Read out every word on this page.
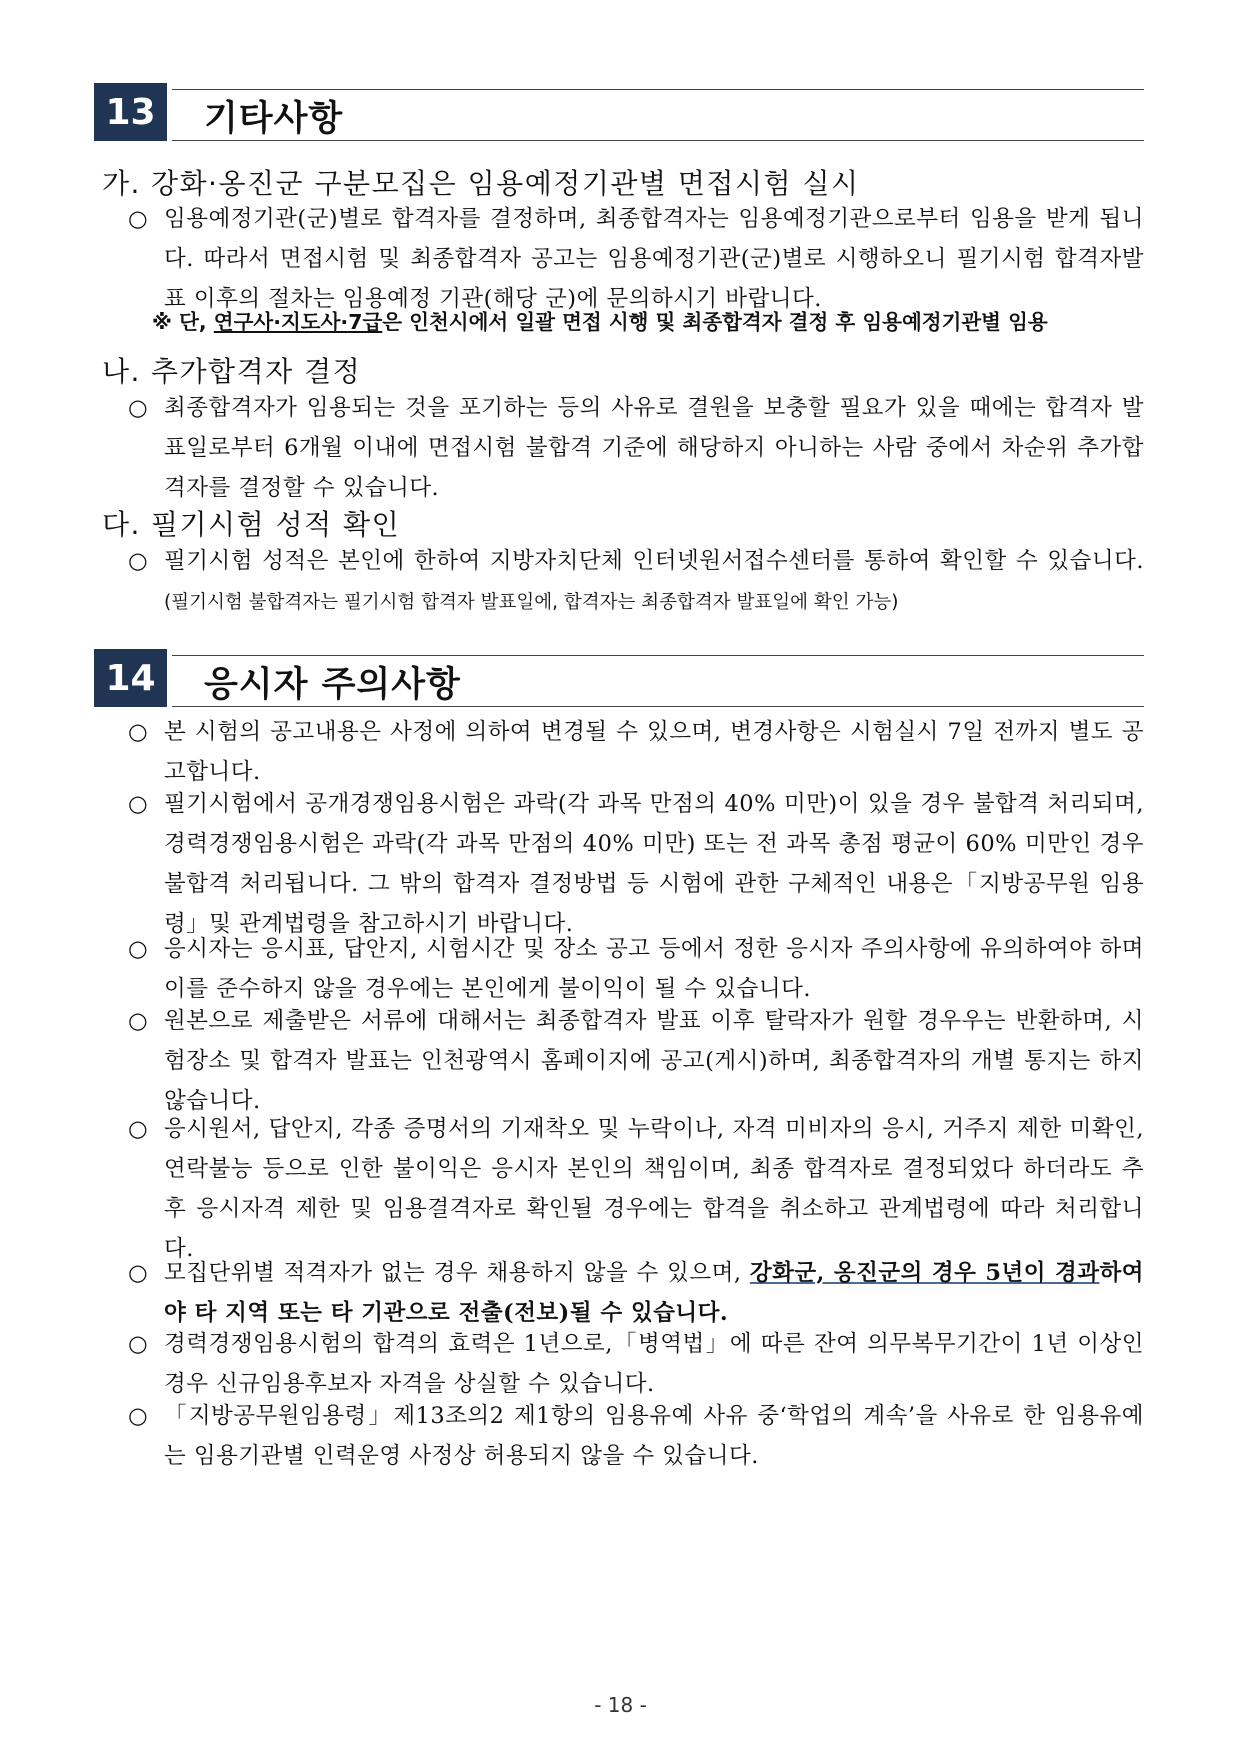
13	기타사항
가. 강화·옹진군 구분모집은 임용예정기관별 면접시험 실시
○ 임용예정기관(군)별로 합격자를 결정하며, 최종합격자는 임용예정기관으로부터 임용을 받게 됩니다. 따라서 면접시험 및 최종합격자 공고는 임용예정기관(군)별로 시행하오니 필기시험 합격자발표 이후의 절차는 임용예정 기관(해당 군)에 문의하시기 바랍니다.
※ 단, 연구사·지도사·7급은 인천시에서 일괄 면접 시행 및 최종합격자 결정 후 임용예정기관별 임용
나. 추가합격자 결정
○ 최종합격자가 임용되는 것을 포기하는 등의 사유로 결원을 보충할 필요가 있을 때에는 합격자 발표일로부터 6개월 이내에 면접시험 불합격 기준에 해당하지 아니하는 사람 중에서 차순위 추가합격자를 결정할 수 있습니다.
다. 필기시험 성적 확인
○ 필기시험 성적은 본인에 한하여 지방자치단체 인터넷원서접수센터를 통하여 확인할 수 있습니다.(필기시험 불합격자는 필기시험 합격자 발표일에, 합격자는 최종합격자 발표일에 확인 가능)
14	응시자 주의사항
○ 본 시험의 공고내용은 사정에 의하여 변경될 수 있으며, 변경사항은 시험실시 7일 전까지 별도 공고합니다.
○ 필기시험에서 공개경쟁임용시험은 과락(각 과목 만점의 40% 미만)이 있을 경우 불합격 처리되며, 경력경쟁임용시험은 과락(각 과목 만점의 40% 미만) 또는 전 과목 총점 평균이 60% 미만인 경우 불합격 처리됩니다. 그 밖의 합격자 결정방법 등 시험에 관한 구체적인 내용은「지방공무원 임용령」및 관계법령을 참고하시기 바랍니다.
○ 응시자는 응시표, 답안지, 시험시간 및 장소 공고 등에서 정한 응시자 주의사항에 유의하여야 하며 이를 준수하지 않을 경우에는 본인에게 불이익이 될 수 있습니다.
○ 원본으로 제출받은 서류에 대해서는 최종합격자 발표 이후 탈락자가 원할 경우우는 반환하며, 시험장소 및 합격자 발표는 인천광역시 홈페이지에 공고(게시)하며, 최종합격자의 개별 통지는 하지 않습니다.
○ 응시원서, 답안지, 각종 증명서의 기재착오 및 누락이나, 자격 미비자의 응시, 거주지 제한 미확인, 연락불능 등으로 인한 불이익은 응시자 본인의 책임이며, 최종 합격자로 결정되었다 하더라도 추후 응시자격 제한 및 임용결격자로 확인될 경우에는 합격을 취소하고 관계법령에 따라 처리합니다.
○ 모집단위별 적격자가 없는 경우 채용하지 않을 수 있으며, 강화군, 옹진군의 경우 5년이 경과하여야 타 지역 또는 타 기관으로 전출(전보)될 수 있습니다.
○ 경력경쟁임용시험의 합격의 효력은 1년으로,「병역법」에 따른 잔여 의무복무기간이 1년 이상인 경우 신규임용후보자 자격을 상실할 수 있습니다.
○ 「지방공무원임용령」제13조의2 제1항의 임용유예 사유 중‘학업의 계속’을 사유로 한 임용유예는 임용기관별 인력운영 사정상 허용되지 않을 수 있습니다.
- 18 -
